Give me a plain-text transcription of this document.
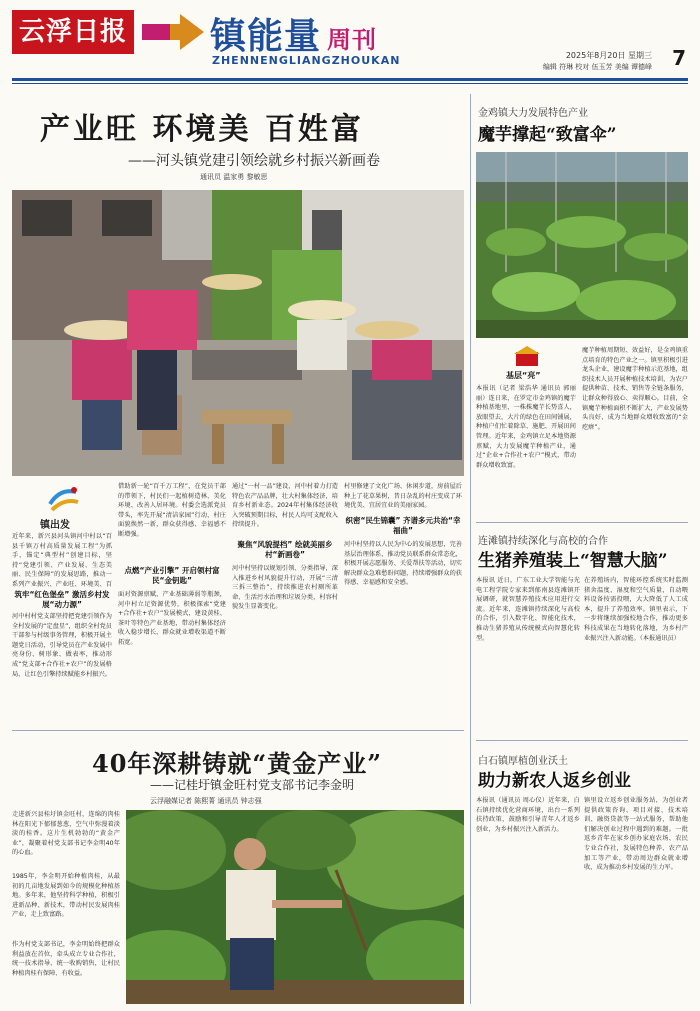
云浮日报 镇能量 周刊
ZHENNENGLIANGZHOUKAN	2025年8月20日 星期三
编辑 符琳 校对 伍玉芳 美编 谭德峰 7
产业旺 环境美 百姓富
——河头镇党建引领绘就乡村振兴新画卷
通讯员 温家勇 黎敏思
镇出发
近年来，新兴县河头镇河中村以“百县千镇万村高质量发展工程”为抓手，锚定“典型村”创建目标，坚持“党建引领、产业发展、生态美丽、民生保障”的发展思路，推动一系列产业振兴、产业旺、环境美、百
筑牢“红色堡垒” 激活乡村发展“动力源”
河中村村党支部坚持把党建引领作为全村发展的“定盘星”，组织全村党员干部参与村级事务管理，积极开展主题党日活动，引导党员在产业发展中亮身份、树形象、做表率，推动形成“党支部+合作社+农户”的发展格局，让红色引擎持续赋能乡村振兴。
借助新一轮“百千万工程”，在党员干部的带领下，村民们一起植树造林、美化环境、改善人居环境。村委会选派党员带头，率先开展“清洁家园”行动，村庄面貌焕然一新，群众获得感、幸福感不断增强。
点燃“产业引擎” 开启领村富民“金钥匙”
面对资源禀赋，产业基础薄弱等瓶颈，河中村立足资源优势，积极探索“党建+合作社+农户”发展模式，建设黄桂、茶叶等特色产业基地，带动村集体经济收入稳步增长，群众就业增收渠道不断拓宽。
通过“一村一品”建设，河中村着力打造特色农产品品牌，壮大村集体经济，培育乡村新业态。2024年村集体经济收入突破预期目标，村民人均可支配收入持续提升。
聚焦“风貌提档” 绘就美丽乡村“新画卷”
河中村坚持以规划引领、分类指导，深入推进乡村风貌提升行动，开展“三清三拆三整治”，持续推进农村厕所革命、生活污水治理和垃圾分类，村容村貌发生显著变化。
村里修建了文化广场、休闲步道，房前屋后种上了花草果树，昔日杂乱的村庄变成了环境优美、宜居宜业的美丽家园。
织密“民生锦囊” 齐谱多元共治“幸福曲”
河中村坚持以人民为中心的发展思想，完善基层治理体系，推动党员联系群众常态化，积极开展志愿服务、关爱帮扶等活动，切实解决群众急难愁盼问题，持续增强群众的获得感、幸福感和安全感。
金鸡镇大力发展特色产业
魔芋撑起“致富伞”
基层“亮”
本报讯（记者 梁浩华 通讯员 郭丽丽）连日来，在罗定市金鸡镇的魔芋种植基地里，一株株魔芋长势喜人，放眼望去，大片的绿色在田间铺展，种植户们忙着除草、施肥、开展田间管理。近年来，金鸡镇立足本地资源禀赋，大力发展魔芋种植产业，通过“企业+合作社+农户”模式，带动群众增收致富。
魔芋种植周期短、效益好，是金鸡镇重点培育的特色产业之一。镇里积极引进龙头企业，建设魔芋种植示范基地，组织技术人员开展种植技术培训，为农户提供种苗、技术、销售等全链条服务，让群众种得放心、卖得顺心。目前，全镇魔芋种植面积不断扩大，产业发展势头良好，成为当地群众增收致富的“金疙瘩”。
连滩镇持续深化与高校的合作
生猪养殖装上“智慧大脑”
本报讯 近日，广东工业大学智能与光电工程学院专家来到郁南县连滩镇开展调研，就智慧养殖技术应用进行交流。近年来，连滩镇持续深化与高校的合作，引入数字化、智能化技术，推动生猪养殖从传统模式向智慧化转型。
在养殖场内，智能环控系统实时监测猪舍温度、湿度和空气质量，自动喂料设备按需投喂，大大降低了人工成本，提升了养殖效率。镇里表示，下一步将继续加强校地合作，推动更多科技成果在当地转化落地，为乡村产业振兴注入新动能。（本报通讯员）
白石镇厚植创业沃土
助力新农人返乡创业
本报讯（通讯员 周心仪）近年来，白石镇持续优化营商环境，出台一系列扶持政策，鼓励和引导青年人才返乡创业，为乡村振兴注入新活力。
镇里设立返乡创业服务站，为创业者提供政策咨询、项目对接、技术培训、融资贷款等一站式服务，帮助他们解决创业过程中遇到的难题。一批返乡青年在家乡创办家庭农场、农民专业合作社，发展特色种养、农产品加工等产业，带动周边群众就业增收，成为推动乡村发展的生力军。
40年深耕铸就“黄金产业”
——记桂圩镇金旺村党支部书记李金明
云浮融媒记者 陈熙菁 通讯员 钟志强
走进新兴县桂圩镇金旺村，连绵的肉桂林在阳光下郁郁葱葱，空气中弥漫着淡淡的桂香。这片生机勃勃的“黄金产业”，凝聚着村党支部书记李金明40年的心血。
1985年，李金明开始种植肉桂，从最初的几亩地发展到如今的规模化种植基地。多年来，他坚持科学种植，积极引进新品种、新技术，带动村民发展肉桂产业，走上致富路。
作为村党支部书记，李金明始终把群众利益放在首位，牵头成立专业合作社，统一技术指导、统一收购销售，让村民种植肉桂有保障、有收益。
